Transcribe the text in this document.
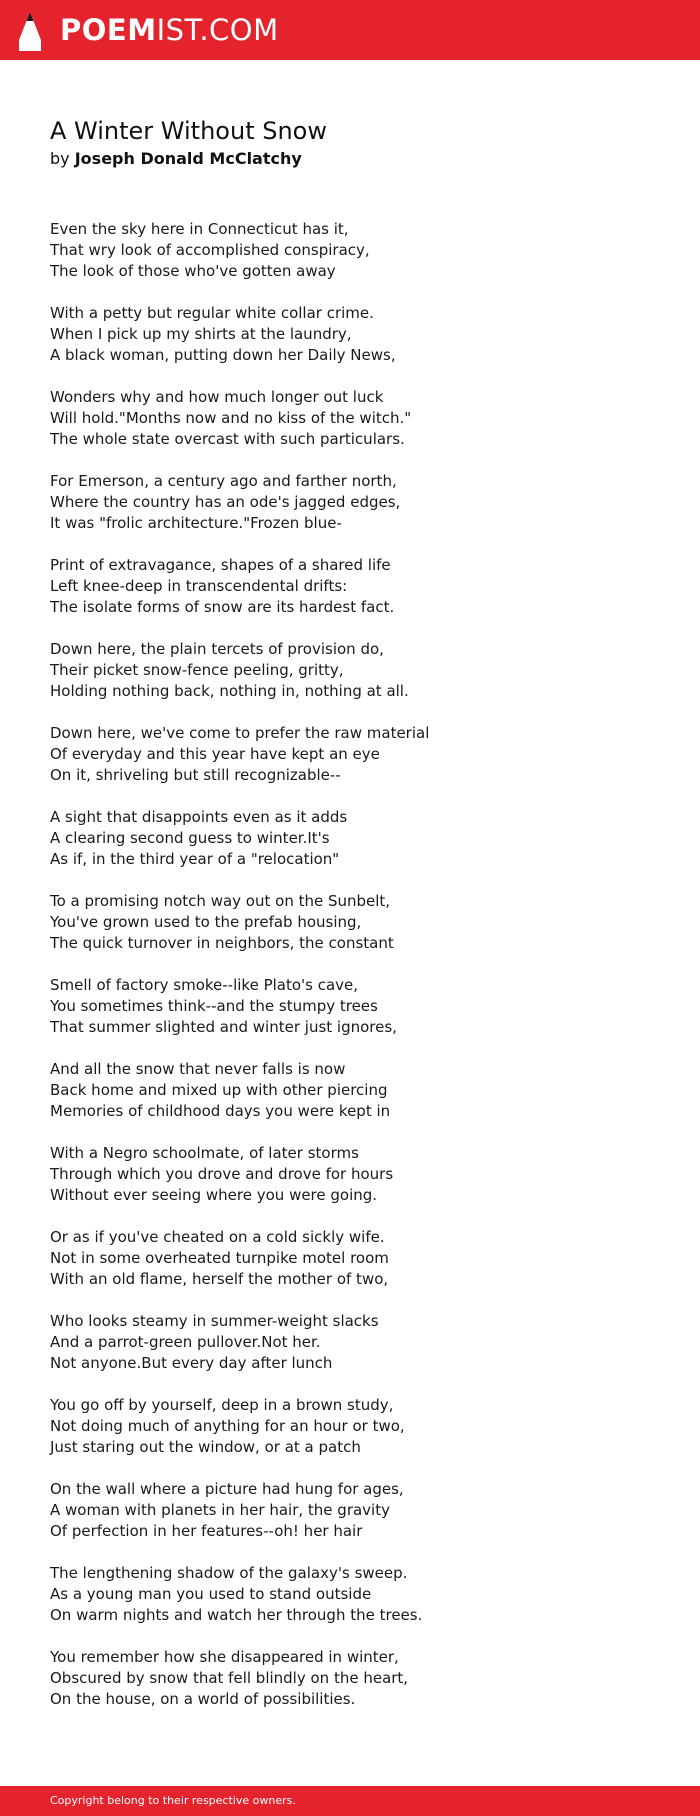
POEMIST.COM
A Winter Without Snow
by Joseph Donald McClatchy
Even the sky here in Connecticut has it,
That wry look of accomplished conspiracy,
The look of those who've gotten away
With a petty but regular white collar crime.
When I pick up my shirts at the laundry,
A black woman, putting down her Daily News,
Wonders why and how much longer out luck
Will hold."Months now and no kiss of the witch."
The whole state overcast with such particulars.
For Emerson, a century ago and farther north,
Where the country has an ode's jagged edges,
It was "frolic architecture."Frozen blue-
Print of extravagance, shapes of a shared life
Left knee-deep in transcendental drifts:
The isolate forms of snow are its hardest fact.
Down here, the plain tercets of provision do,
Their picket snow-fence peeling, gritty,
Holding nothing back, nothing in, nothing at all.
Down here, we've come to prefer the raw material
Of everyday and this year have kept an eye
On it, shriveling but still recognizable--
A sight that disappoints even as it adds
A clearing second guess to winter.It's
As if, in the third year of a "relocation"
To a promising notch way out on the Sunbelt,
You've grown used to the prefab housing,
The quick turnover in neighbors, the constant
Smell of factory smoke--like Plato's cave,
You sometimes think--and the stumpy trees
That summer slighted and winter just ignores,
And all the snow that never falls is now
Back home and mixed up with other piercing
Memories of childhood days you were kept in
With a Negro schoolmate, of later storms
Through which you drove and drove for hours
Without ever seeing where you were going.
Or as if you've cheated on a cold sickly wife.
Not in some overheated turnpike motel room
With an old flame, herself the mother of two,
Who looks steamy in summer-weight slacks
And a parrot-green pullover.Not her.
Not anyone.But every day after lunch
You go off by yourself, deep in a brown study,
Not doing much of anything for an hour or two,
Just staring out the window, or at a patch
On the wall where a picture had hung for ages,
A woman with planets in her hair, the gravity
Of perfection in her features--oh! her hair
The lengthening shadow of the galaxy's sweep.
As a young man you used to stand outside
On warm nights and watch her through the trees.
You remember how she disappeared in winter,
Obscured by snow that fell blindly on the heart,
On the house, on a world of possibilities.
Copyright belong to their respective owners.
